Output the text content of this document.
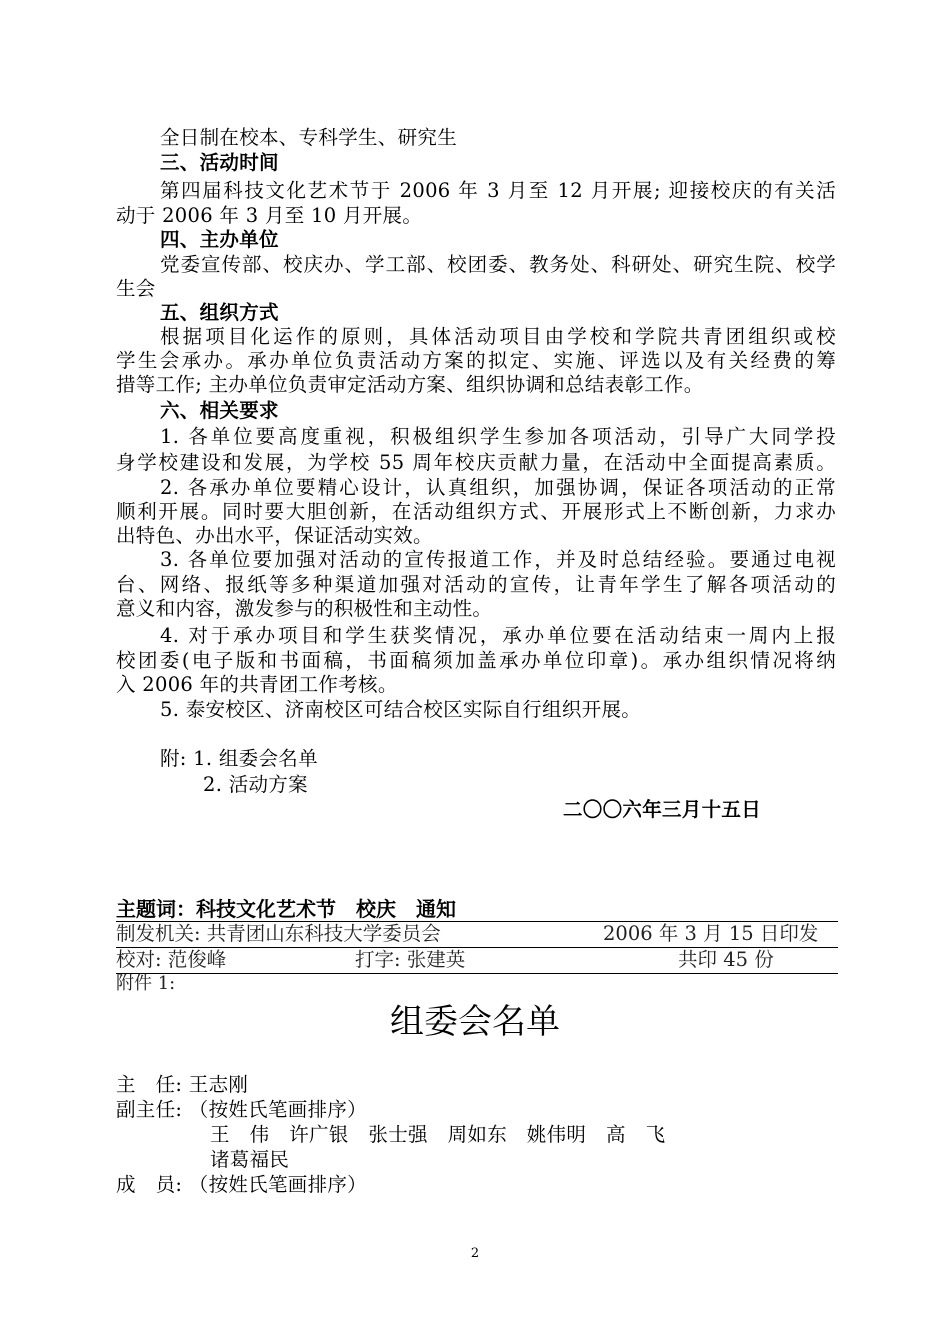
全日制在校本、专科学生、研究生
三、活动时间
第四届科技文化艺术节于 2006 年 3 月至 12 月开展; 迎接校庆的有关活
动于 2006 年 3 月至 10 月开展。
四、主办单位
党委宣传部、校庆办、学工部、校团委、教务处、科研处、研究生院、校学
生会
五、组织方式
根据项目化运作的原则，具体活动项目由学校和学院共青团组织或校
学生会承办。承办单位负责活动方案的拟定、实施、评选以及有关经费的筹
措等工作; 主办单位负责审定活动方案、组织协调和总结表彰工作。
六、相关要求
1. 各单位要高度重视，积极组织学生参加各项活动，引导广大同学投
身学校建设和发展，为学校 55 周年校庆贡献力量，在活动中全面提高素质。
2. 各承办单位要精心设计，认真组织，加强协调，保证各项活动的正常
顺利开展。同时要大胆创新，在活动组织方式、开展形式上不断创新，力求办
出特色、办出水平，保证活动实效。
3. 各单位要加强对活动的宣传报道工作，并及时总结经验。要通过电视
台、网络、报纸等多种渠道加强对活动的宣传，让青年学生了解各项活动的
意义和内容，激发参与的积极性和主动性。
4. 对于承办项目和学生获奖情况，承办单位要在活动结束一周内上报
校团委(电子版和书面稿，书面稿须加盖承办单位印章)。承办组织情况将纳
入 2006 年的共青团工作考核。
5. 泰安校区、济南校区可结合校区实际自行组织开展。
附: 1. 组委会名单
2. 活动方案
二〇〇六年三月十五日
主题词：科技文化艺术节　校庆　通知
制发机关: 共青团山东科技大学委员会	2006 年 3 月 15 日印发
校对: 范俊峰	打字: 张建英	共印 45 份
附件 1:
组委会名单
主　任: 王志刚
副主任: （按姓氏笔画排序）
王　伟　许广银　张士强　周如东　姚伟明　高　飞
诸葛福民
成　员: （按姓氏笔画排序）
2
